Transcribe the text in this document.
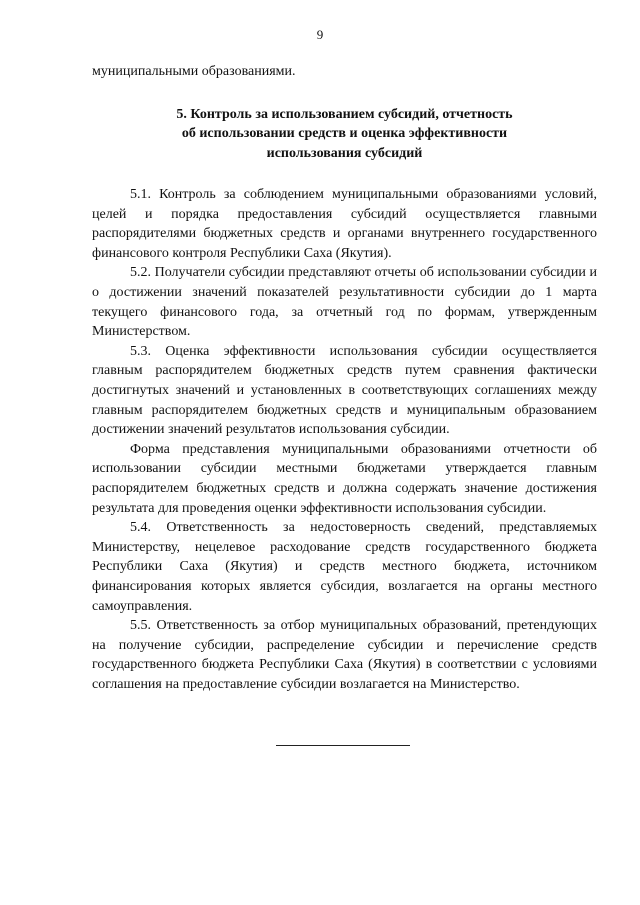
9

муниципальными образованиями.

5. Контроль за использованием субсидий, отчетность
об использовании средств и оценка эффективности
использования субсидий

5.1. Контроль за соблюдением муниципальными образованиями условий, целей и порядка предоставления субсидий осуществляется главными распорядителями бюджетных средств и органами внутреннего государственного финансового контроля Республики Саха (Якутия).

5.2. Получатели субсидии представляют отчеты об использовании субсидии и о достижении значений показателей результативности субсидии до 1 марта текущего финансового года, за отчетный год по формам, утвержденным Министерством.

5.3. Оценка эффективности использования субсидии осуществляется главным распорядителем бюджетных средств путем сравнения фактически достигнутых значений и установленных в соответствующих соглашениях между главным распорядителем бюджетных средств и муниципальным образованием достижении значений результатов использования субсидии.

Форма представления муниципальными образованиями отчетности об использовании субсидии местными бюджетами утверждается главным распорядителем бюджетных средств и должна содержать значение достижения результата для проведения оценки эффективности использования субсидии.

5.4. Ответственность за недостоверность сведений, представляемых Министерству, нецелевое расходование средств государственного бюджета Республики Саха (Якутия) и средств местного бюджета, источником финансирования которых является субсидия, возлагается на органы местного самоуправления.

5.5. Ответственность за отбор муниципальных образований, претендующих на получение субсидии, распределение субсидии и перечисление средств государственного бюджета Республики Саха (Якутия) в соответствии с условиями соглашения на предоставление субсидии возлагается на Министерство.
